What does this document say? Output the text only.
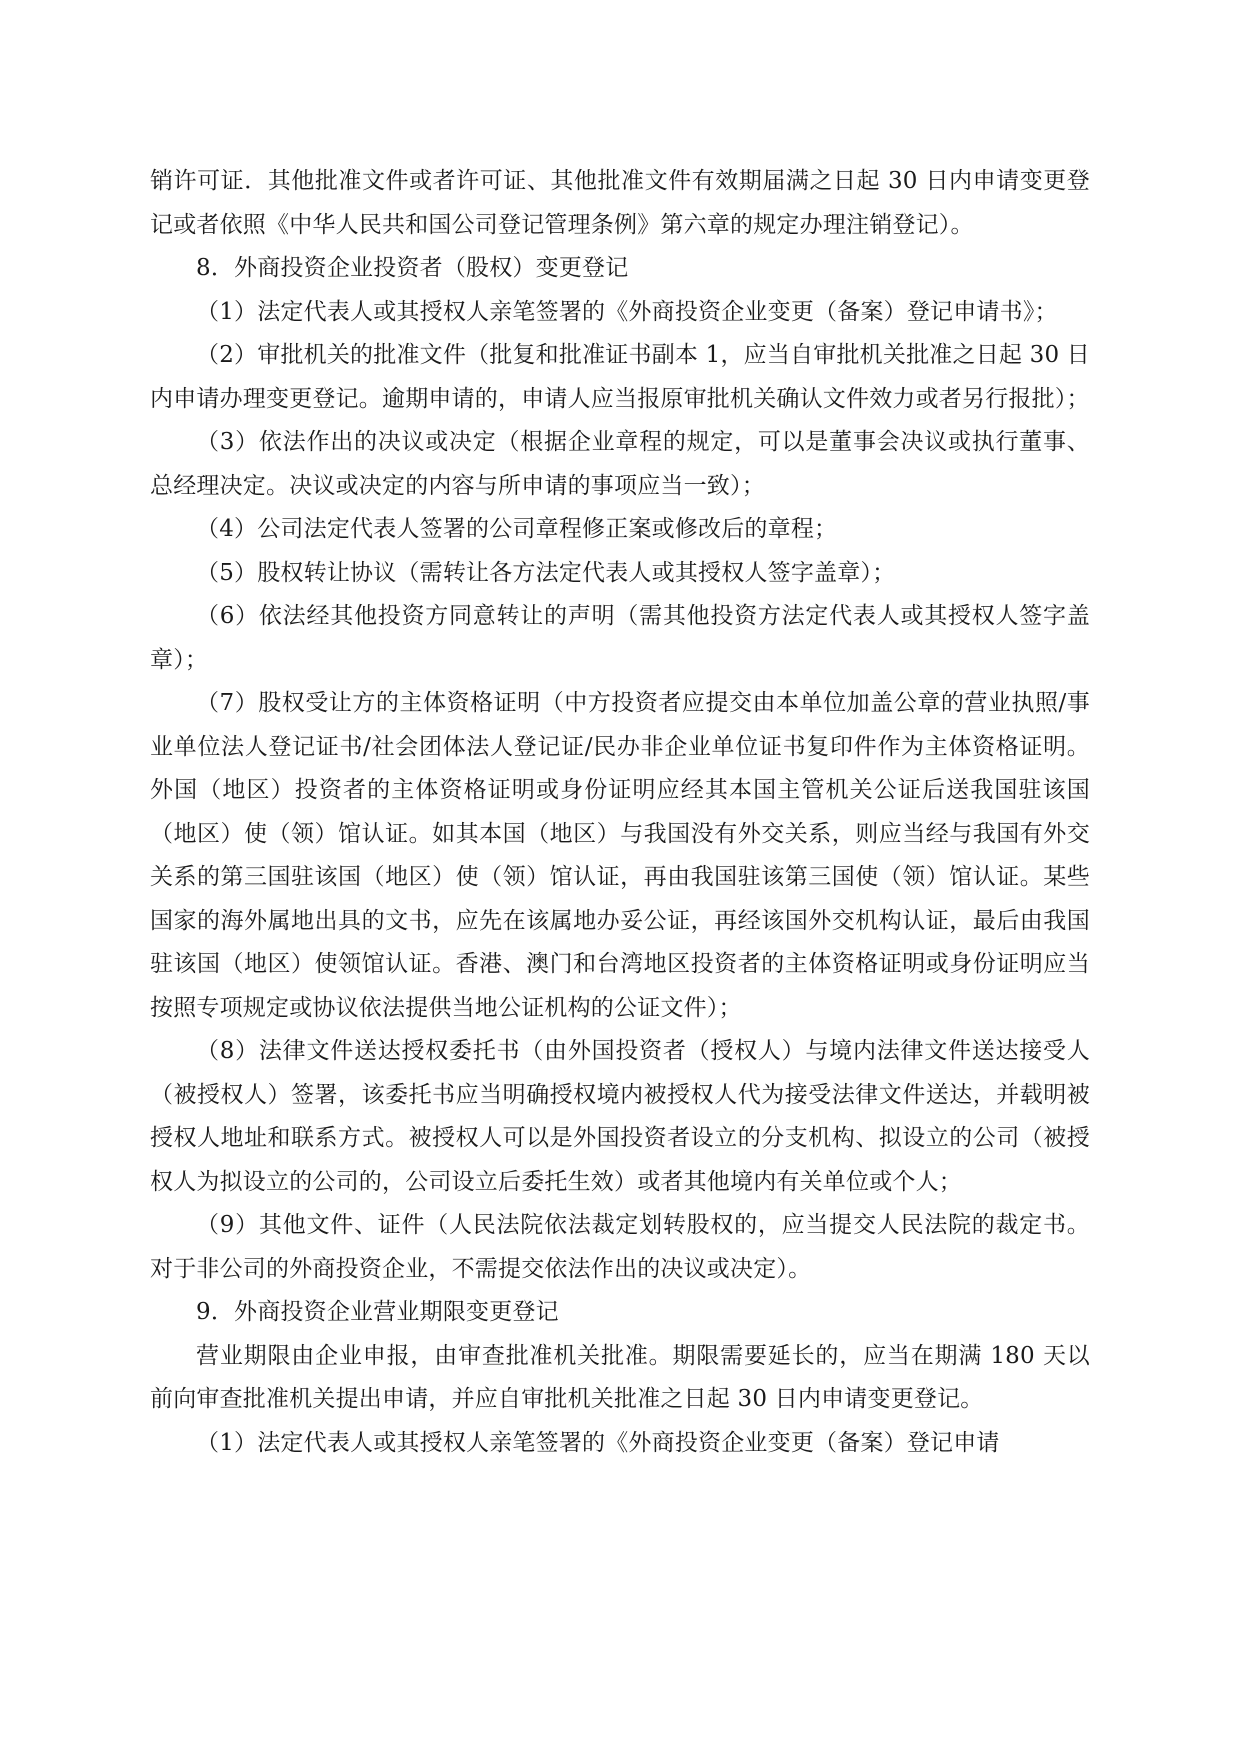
销许可证．其他批准文件或者许可证、其他批准文件有效期届满之日起 30 日内申请变更登记或者依照《中华人民共和国公司登记管理条例》第六章的规定办理注销登记）。

8．外商投资企业投资者（股权）变更登记

（1）法定代表人或其授权人亲笔签署的《外商投资企业变更（备案）登记申请书》；

（2）审批机关的批准文件（批复和批准证书副本 1，应当自审批机关批准之日起 30 日内申请办理变更登记。逾期申请的，申请人应当报原审批机关确认文件效力或者另行报批）；

（3）依法作出的决议或决定（根据企业章程的规定，可以是董事会决议或执行董事、总经理决定。决议或决定的内容与所申请的事项应当一致）；

（4）公司法定代表人签署的公司章程修正案或修改后的章程；

（5）股权转让协议（需转让各方法定代表人或其授权人签字盖章）；

（6）依法经其他投资方同意转让的声明（需其他投资方法定代表人或其授权人签字盖章）；

（7）股权受让方的主体资格证明（中方投资者应提交由本单位加盖公章的营业执照/事业单位法人登记证书/社会团体法人登记证/民办非企业单位证书复印件作为主体资格证明。外国（地区）投资者的主体资格证明或身份证明应经其本国主管机关公证后送我国驻该国（地区）使（领）馆认证。如其本国（地区）与我国没有外交关系，则应当经与我国有外交关系的第三国驻该国（地区）使（领）馆认证，再由我国驻该第三国使（领）馆认证。某些国家的海外属地出具的文书，应先在该属地办妥公证，再经该国外交机构认证，最后由我国驻该国（地区）使领馆认证。香港、澳门和台湾地区投资者的主体资格证明或身份证明应当按照专项规定或协议依法提供当地公证机构的公证文件）；

（8）法律文件送达授权委托书（由外国投资者（授权人）与境内法律文件送达接受人（被授权人）签署，该委托书应当明确授权境内被授权人代为接受法律文件送达，并载明被授权人地址和联系方式。被授权人可以是外国投资者设立的分支机构、拟设立的公司（被授权人为拟设立的公司的，公司设立后委托生效）或者其他境内有关单位或个人；

（9）其他文件、证件（人民法院依法裁定划转股权的，应当提交人民法院的裁定书。对于非公司的外商投资企业，不需提交依法作出的决议或决定）。

9．外商投资企业营业期限变更登记

营业期限由企业申报，由审查批准机关批准。期限需要延长的，应当在期满 180 天以前向审查批准机关提出申请，并应自审批机关批准之日起 30 日内申请变更登记。

（1）法定代表人或其授权人亲笔签署的《外商投资企业变更（备案）登记申请
